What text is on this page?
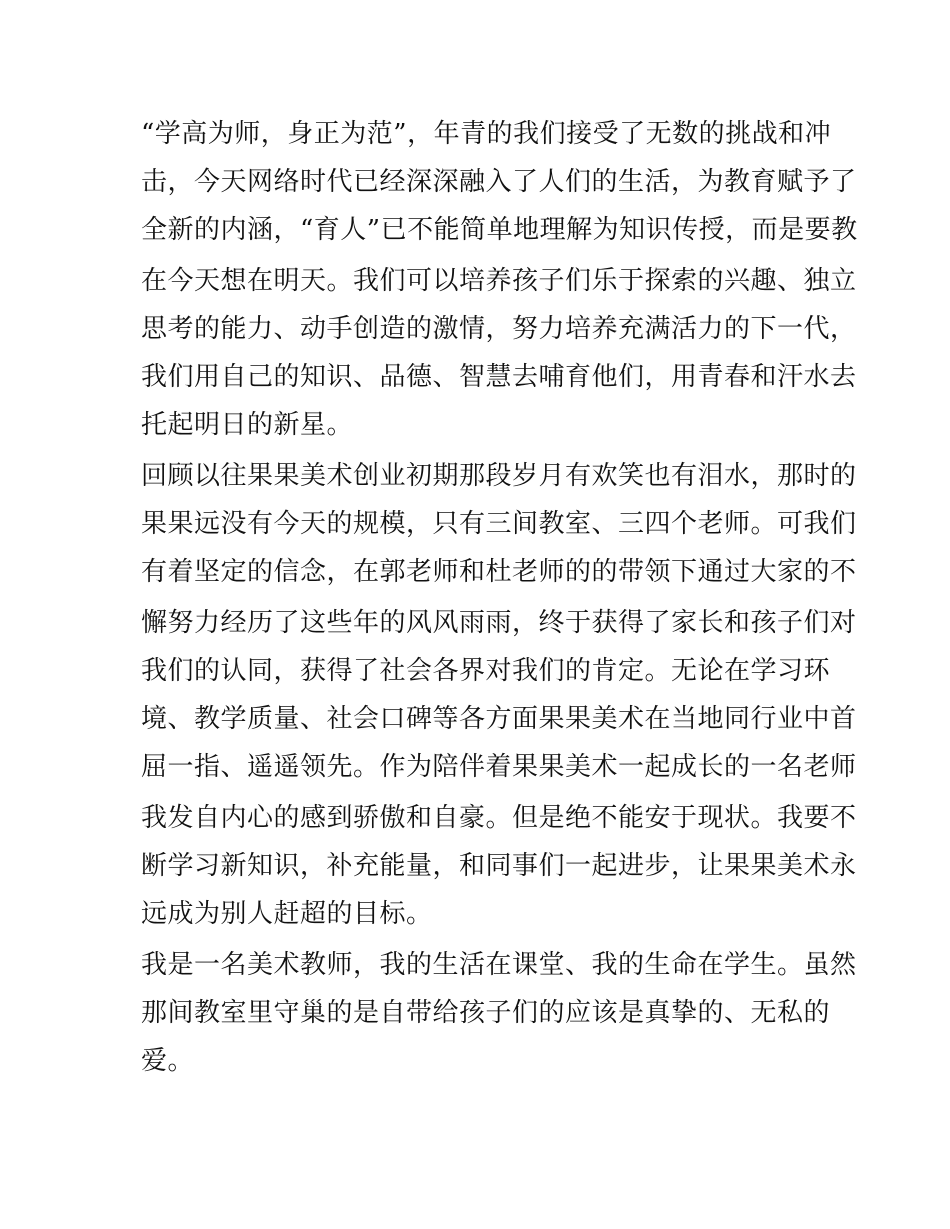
“学高为师，身正为范”，年青的我们接受了无数的挑战和冲
击，今天网络时代已经深深融入了人们的生活，为教育赋予了
全新的内涵，“育人”已不能简单地理解为知识传授，而是要教
在今天想在明天。我们可以培养孩子们乐于探索的兴趣、独立
思考的能力、动手创造的激情，努力培养充满活力的下一代，
我们用自己的知识、品德、智慧去哺育他们，用青春和汗水去
托起明日的新星。
回顾以往果果美术创业初期那段岁月有欢笑也有泪水，那时的
果果远没有今天的规模，只有三间教室、三四个老师。可我们
有着坚定的信念，在郭老师和杜老师的的带领下通过大家的不
懈努力经历了这些年的风风雨雨，终于获得了家长和孩子们对
我们的认同，获得了社会各界对我们的肯定。无论在学习环
境、教学质量、社会口碑等各方面果果美术在当地同行业中首
屈一指、遥遥领先。作为陪伴着果果美术一起成长的一名老师
我发自内心的感到骄傲和自豪。但是绝不能安于现状。我要不
断学习新知识，补充能量，和同事们一起进步，让果果美术永
远成为别人赶超的目标。
我是一名美术教师，我的生活在课堂、我的生命在学生。虽然
那间教室里守巢的是自带给孩子们的应该是真挚的、无私的
爱。
